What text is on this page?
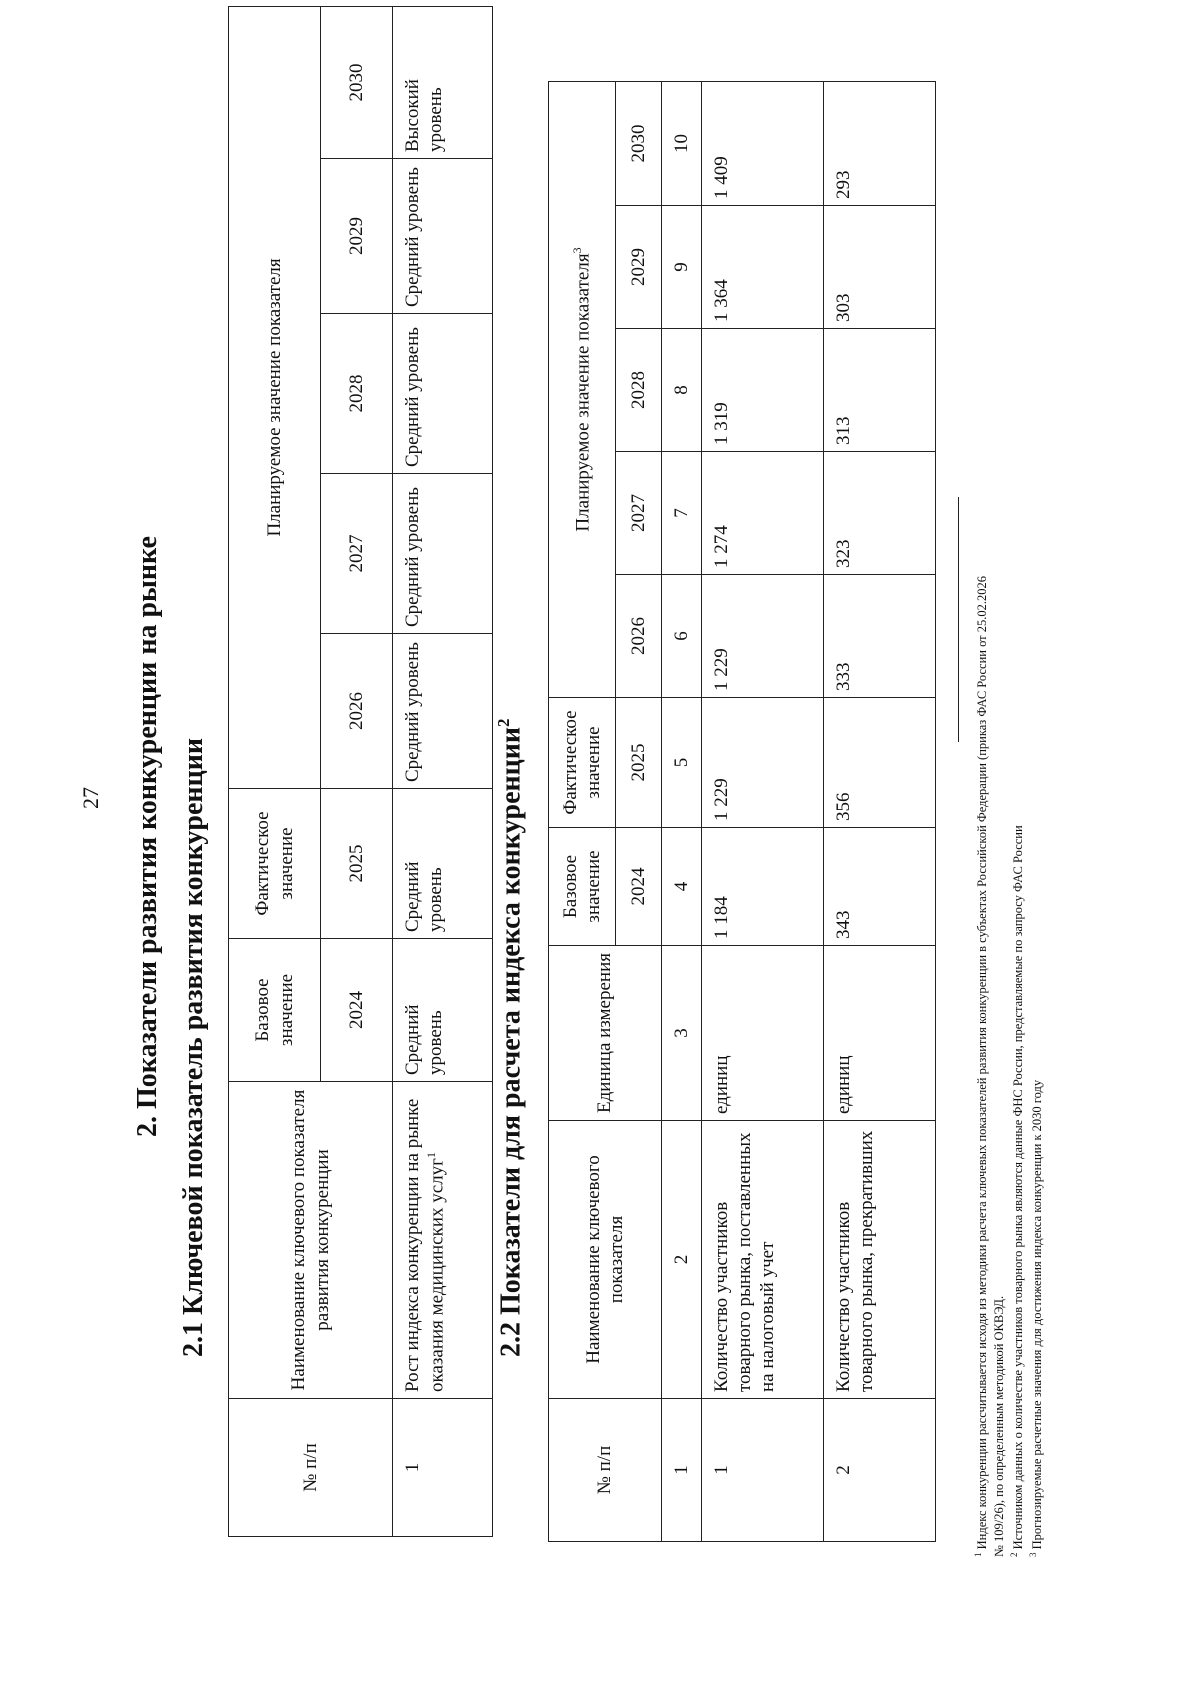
27 2. Показатели развития конкуренции на рынке 2.1 Ключевой показатель развития конкуренции
№ п/п	Наименование ключевого показателя развития конкуренции	Базовое значение	Фактическое значение	Планируемое значение показателя				
		2024	2025	2026	2027	2028	2029	2030
1	Рост индекса конкуренции на рынке оказания медицинских услуг$^1$	Средний уровень	Средний уровень	Средний уровень	Средний уровень	Средний уровень	Средний уровень	Высокий уровень
2.2 Показатели для расчета индекса конкуренции$^2$
№ п/п	Наименование ключевого показателя	Единица измерения	Базовое значение	Фактическое значение	Планируемое значение показателя$^3$
			2024	2025	2026	2027	2028	2029	2030
1	2	3	4	5	6	7	8	9	10
1	Количество участников товарного рынка, поставленных на налоговый учет	единиц	1 184	1 229	1 229	1 274	1 319	1 364	1 409
2	Количество участников товарного рынка, прекративших	единиц	343	356	333	323	313	303	293
$^1$ Индекс конкуренции рассчитывается исходя из методики расчета ключевых показателей развития конкуренции в субъектах Российской Федерации (приказ ФАС России от 25.02.2026 № 109/26), по определенным методикой ОКВЭД. $^2$ Источником данных о количестве участников товарного рынка являются данные ФНС России, представляемые по запросу ФАС России
$^3$ Прогнозируемые расчетные значения для достижения индекса конкуренции к 2030 году
